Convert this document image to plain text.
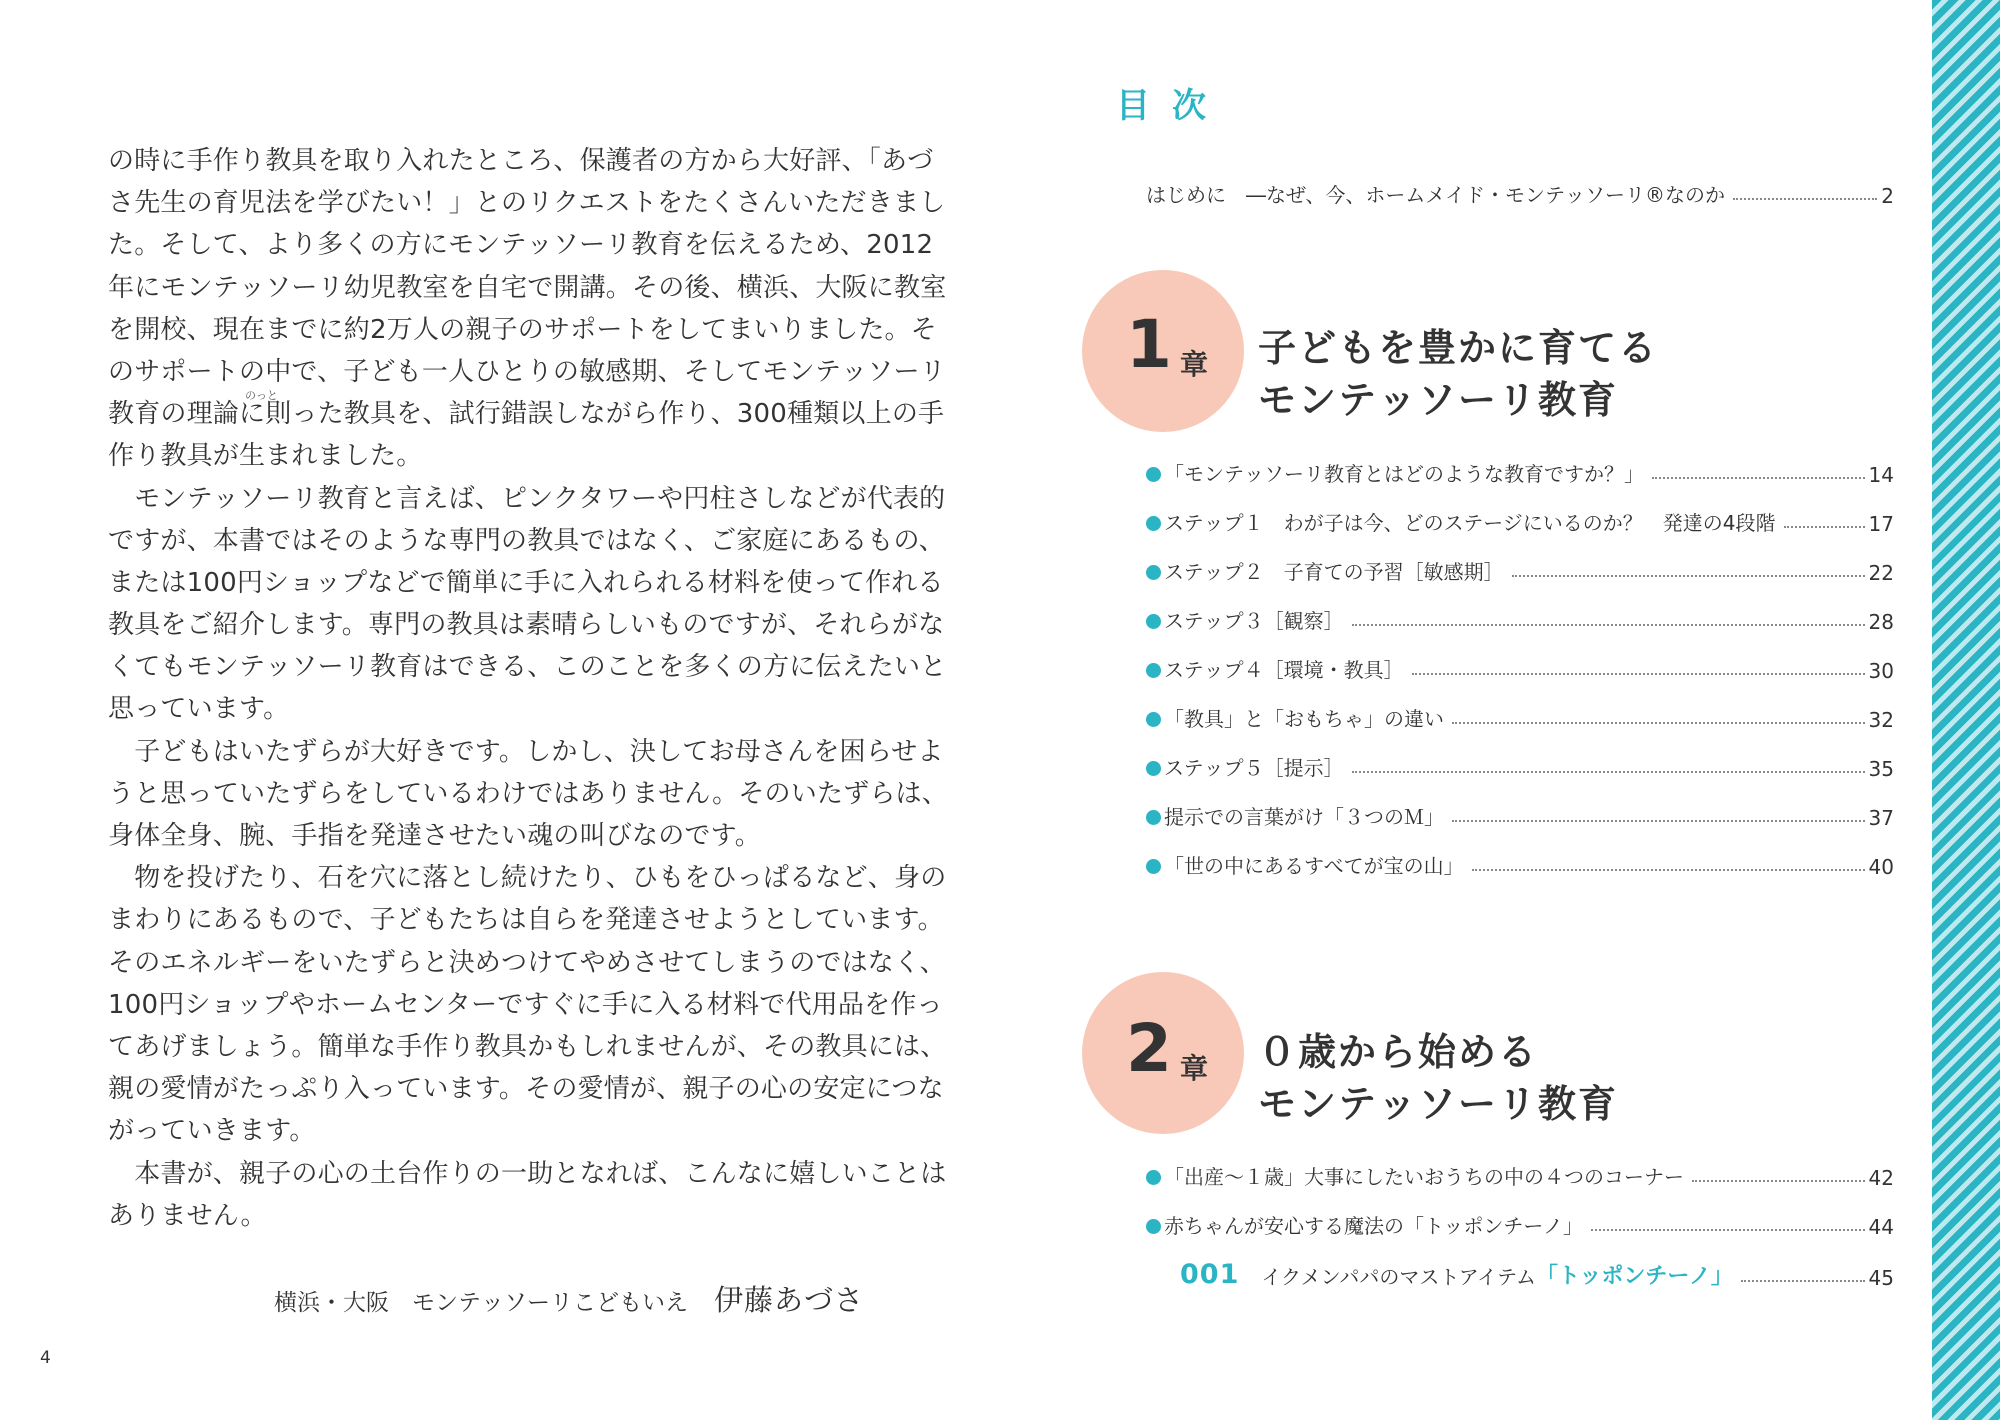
の時に手作り教具を取り入れたところ、保護者の方から大好評、「あづ
さ先生の育児法を学びたい！」とのリクエストをたくさんいただきまし
た。そして、より多くの方にモンテッソーリ教育を伝えるため、2012
年にモンテッソーリ幼児教室を自宅で開講。その後、横浜、大阪に教室
を開校、現在までに約2万人の親子のサポートをしてまいりました。そ
のサポートの中で、子ども一人ひとりの敏感期、そしてモンテッソーリ
教育の理論に則った教具を、試行錯誤しながら作り、300種類以上の手
作り教具が生まれました。
　モンテッソーリ教育と言えば、ピンクタワーや円柱さしなどが代表的
ですが、本書ではそのような専門の教具ではなく、ご家庭にあるもの、
または100円ショップなどで簡単に手に入れられる材料を使って作れる
教具をご紹介します。専門の教具は素晴らしいものですが、それらがな
くてもモンテッソーリ教育はできる、このことを多くの方に伝えたいと
思っています。
　子どもはいたずらが大好きです。しかし、決してお母さんを困らせよ
うと思っていたずらをしているわけではありません。そのいたずらは、
身体全身、腕、手指を発達させたい魂の叫びなのです。
　物を投げたり、石を穴に落とし続けたり、ひもをひっぱるなど、身の
まわりにあるもので、子どもたちは自らを発達させようとしています。
そのエネルギーをいたずらと決めつけてやめさせてしまうのではなく、
100円ショップやホームセンターですぐに手に入る材料で代用品を作っ
てあげましょう。簡単な手作り教具かもしれませんが、その教具には、
親の愛情がたっぷり入っています。その愛情が、親子の心の安定につな
がっていきます。
　本書が、親子の心の土台作りの一助となれば、こんなに嬉しいことは
ありません。
のっと
横浜・大阪　モンテッソーリこどもいえ 伊藤あづさ
4
目次
はじめに　―なぜ、今、ホームメイド・モンテッソーリ®なのか	2
1 章 子どもを豊かに育てる
モンテッソーリ教育
「モンテッソーリ教育とはどのような教育ですか？」	14
ステップ１　わが子は今、どのステージにいるのか？　発達の4段階	17
ステップ２　子育ての予習［敏感期］	22
ステップ３［観察］	28
ステップ４［環境・教具］	30
「教具」と「おもちゃ」の違い	32
ステップ５［提示］	35
提示での言葉がけ「３つのＭ」	37
「世の中にあるすべてが宝の山」	40
2 章 ０歳から始める
モンテッソーリ教育
「出産〜１歳」大事にしたいおうちの中の４つのコーナー	42
赤ちゃんが安心する魔法の「トッポンチーノ」	44
001 イクメンパパのマストアイテム 「トッポンチーノ」	45
